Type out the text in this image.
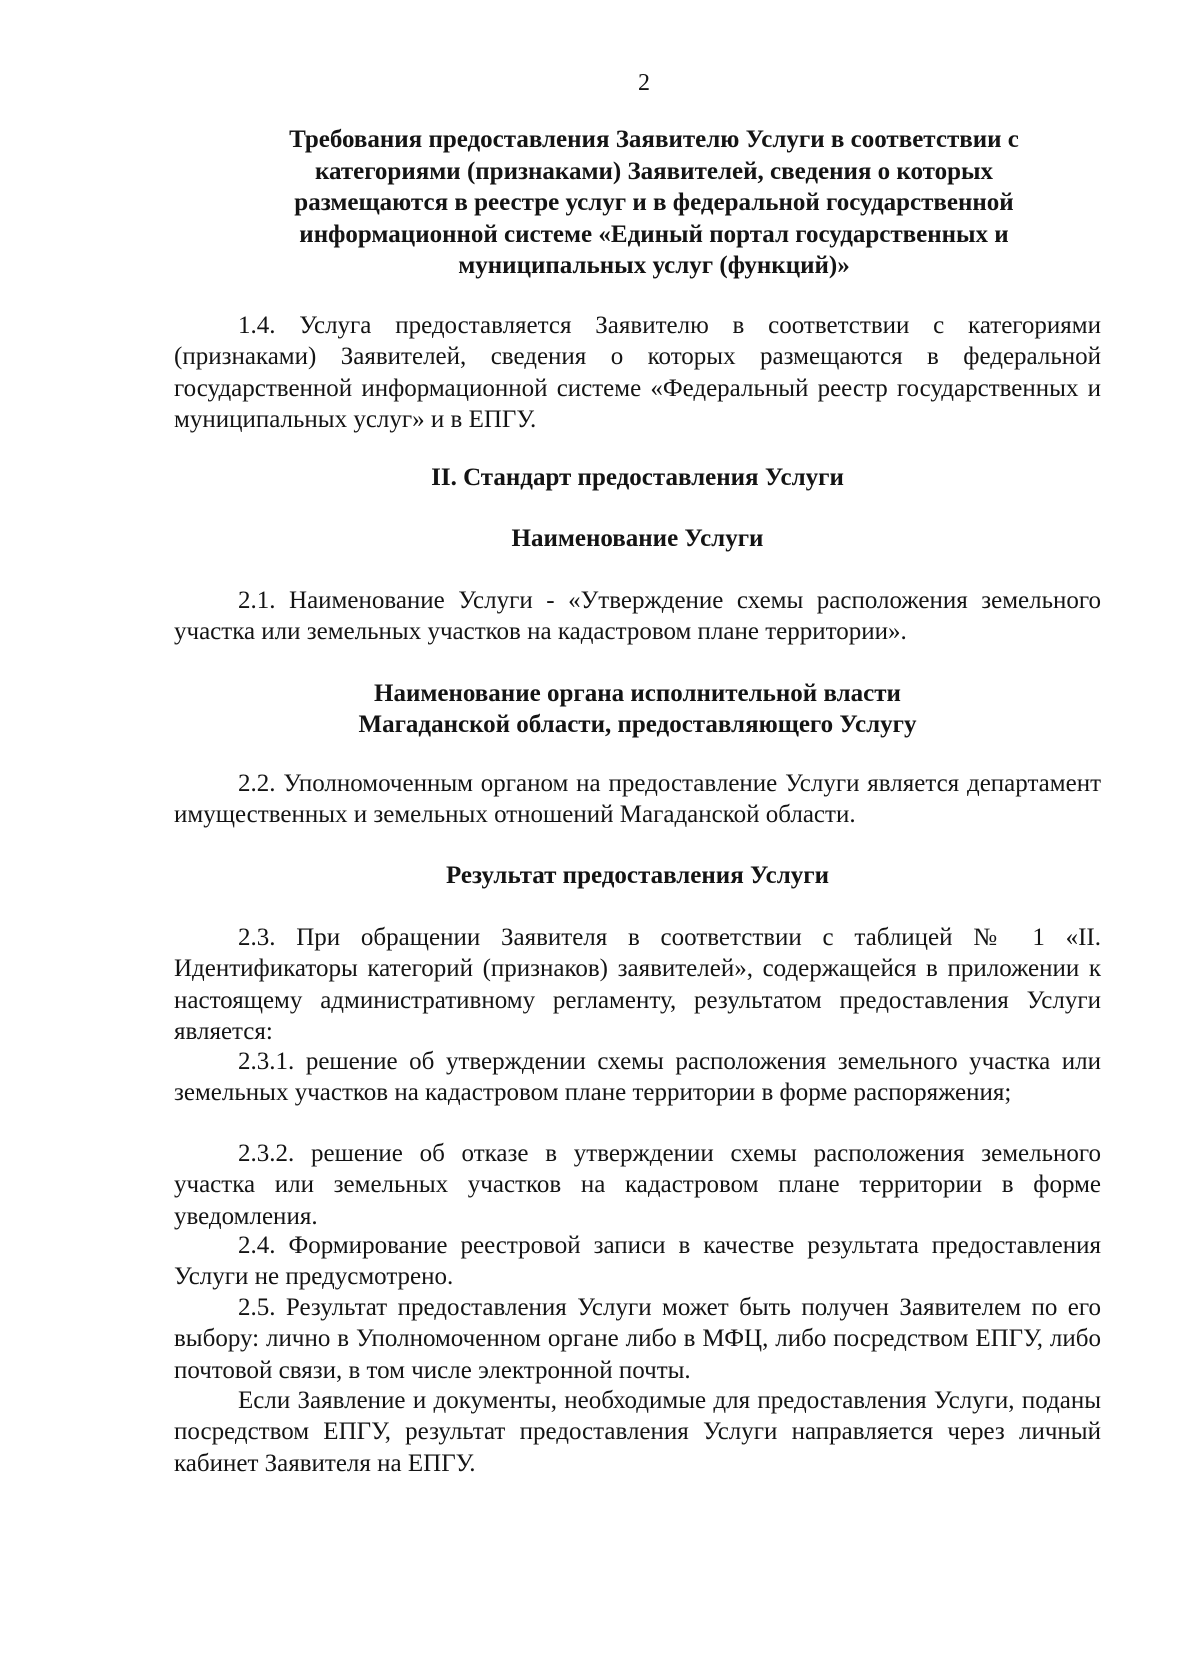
2
Требования предоставления Заявителю Услуги в соответствии с категориями (признаками) Заявителей, сведения о которых размещаются в реестре услуг и в федеральной государственной информационной системе «Единый портал государственных и муниципальных услуг (функций)»
1.4. Услуга предоставляется Заявителю в соответствии с категориями (признаками) Заявителей, сведения о которых размещаются в федеральной государственной информационной системе «Федеральный реестр государственных и муниципальных услуг» и в ЕПГУ.
II. Стандарт предоставления Услуги
Наименование Услуги
2.1. Наименование Услуги - «Утверждение схемы расположения земельного участка или земельных участков на кадастровом плане территории».
Наименование органа исполнительной власти
Магаданской области, предоставляющего Услугу
2.2. Уполномоченным органом на предоставление Услуги является департамент имущественных и земельных отношений Магаданской области.
Результат предоставления Услуги
2.3. При обращении Заявителя в соответствии с таблицей № 1 «II. Идентификаторы категорий (признаков) заявителей», содержащейся в приложении к настоящему административному регламенту, результатом предоставления Услуги является:
2.3.1. решение об утверждении схемы расположения земельного участка или земельных участков на кадастровом плане территории в форме распоряжения;
2.3.2. решение об отказе в утверждении схемы расположения земельного участка или земельных участков на кадастровом плане территории в форме уведомления.
2.4. Формирование реестровой записи в качестве результата предоставления Услуги не предусмотрено.
2.5. Результат предоставления Услуги может быть получен Заявителем по его выбору: лично в Уполномоченном органе либо в МФЦ, либо посредством ЕПГУ, либо почтовой связи, в том числе электронной почты.
Если Заявление и документы, необходимые для предоставления Услуги, поданы посредством ЕПГУ, результат предоставления Услуги направляется через личный кабинет Заявителя на ЕПГУ.
